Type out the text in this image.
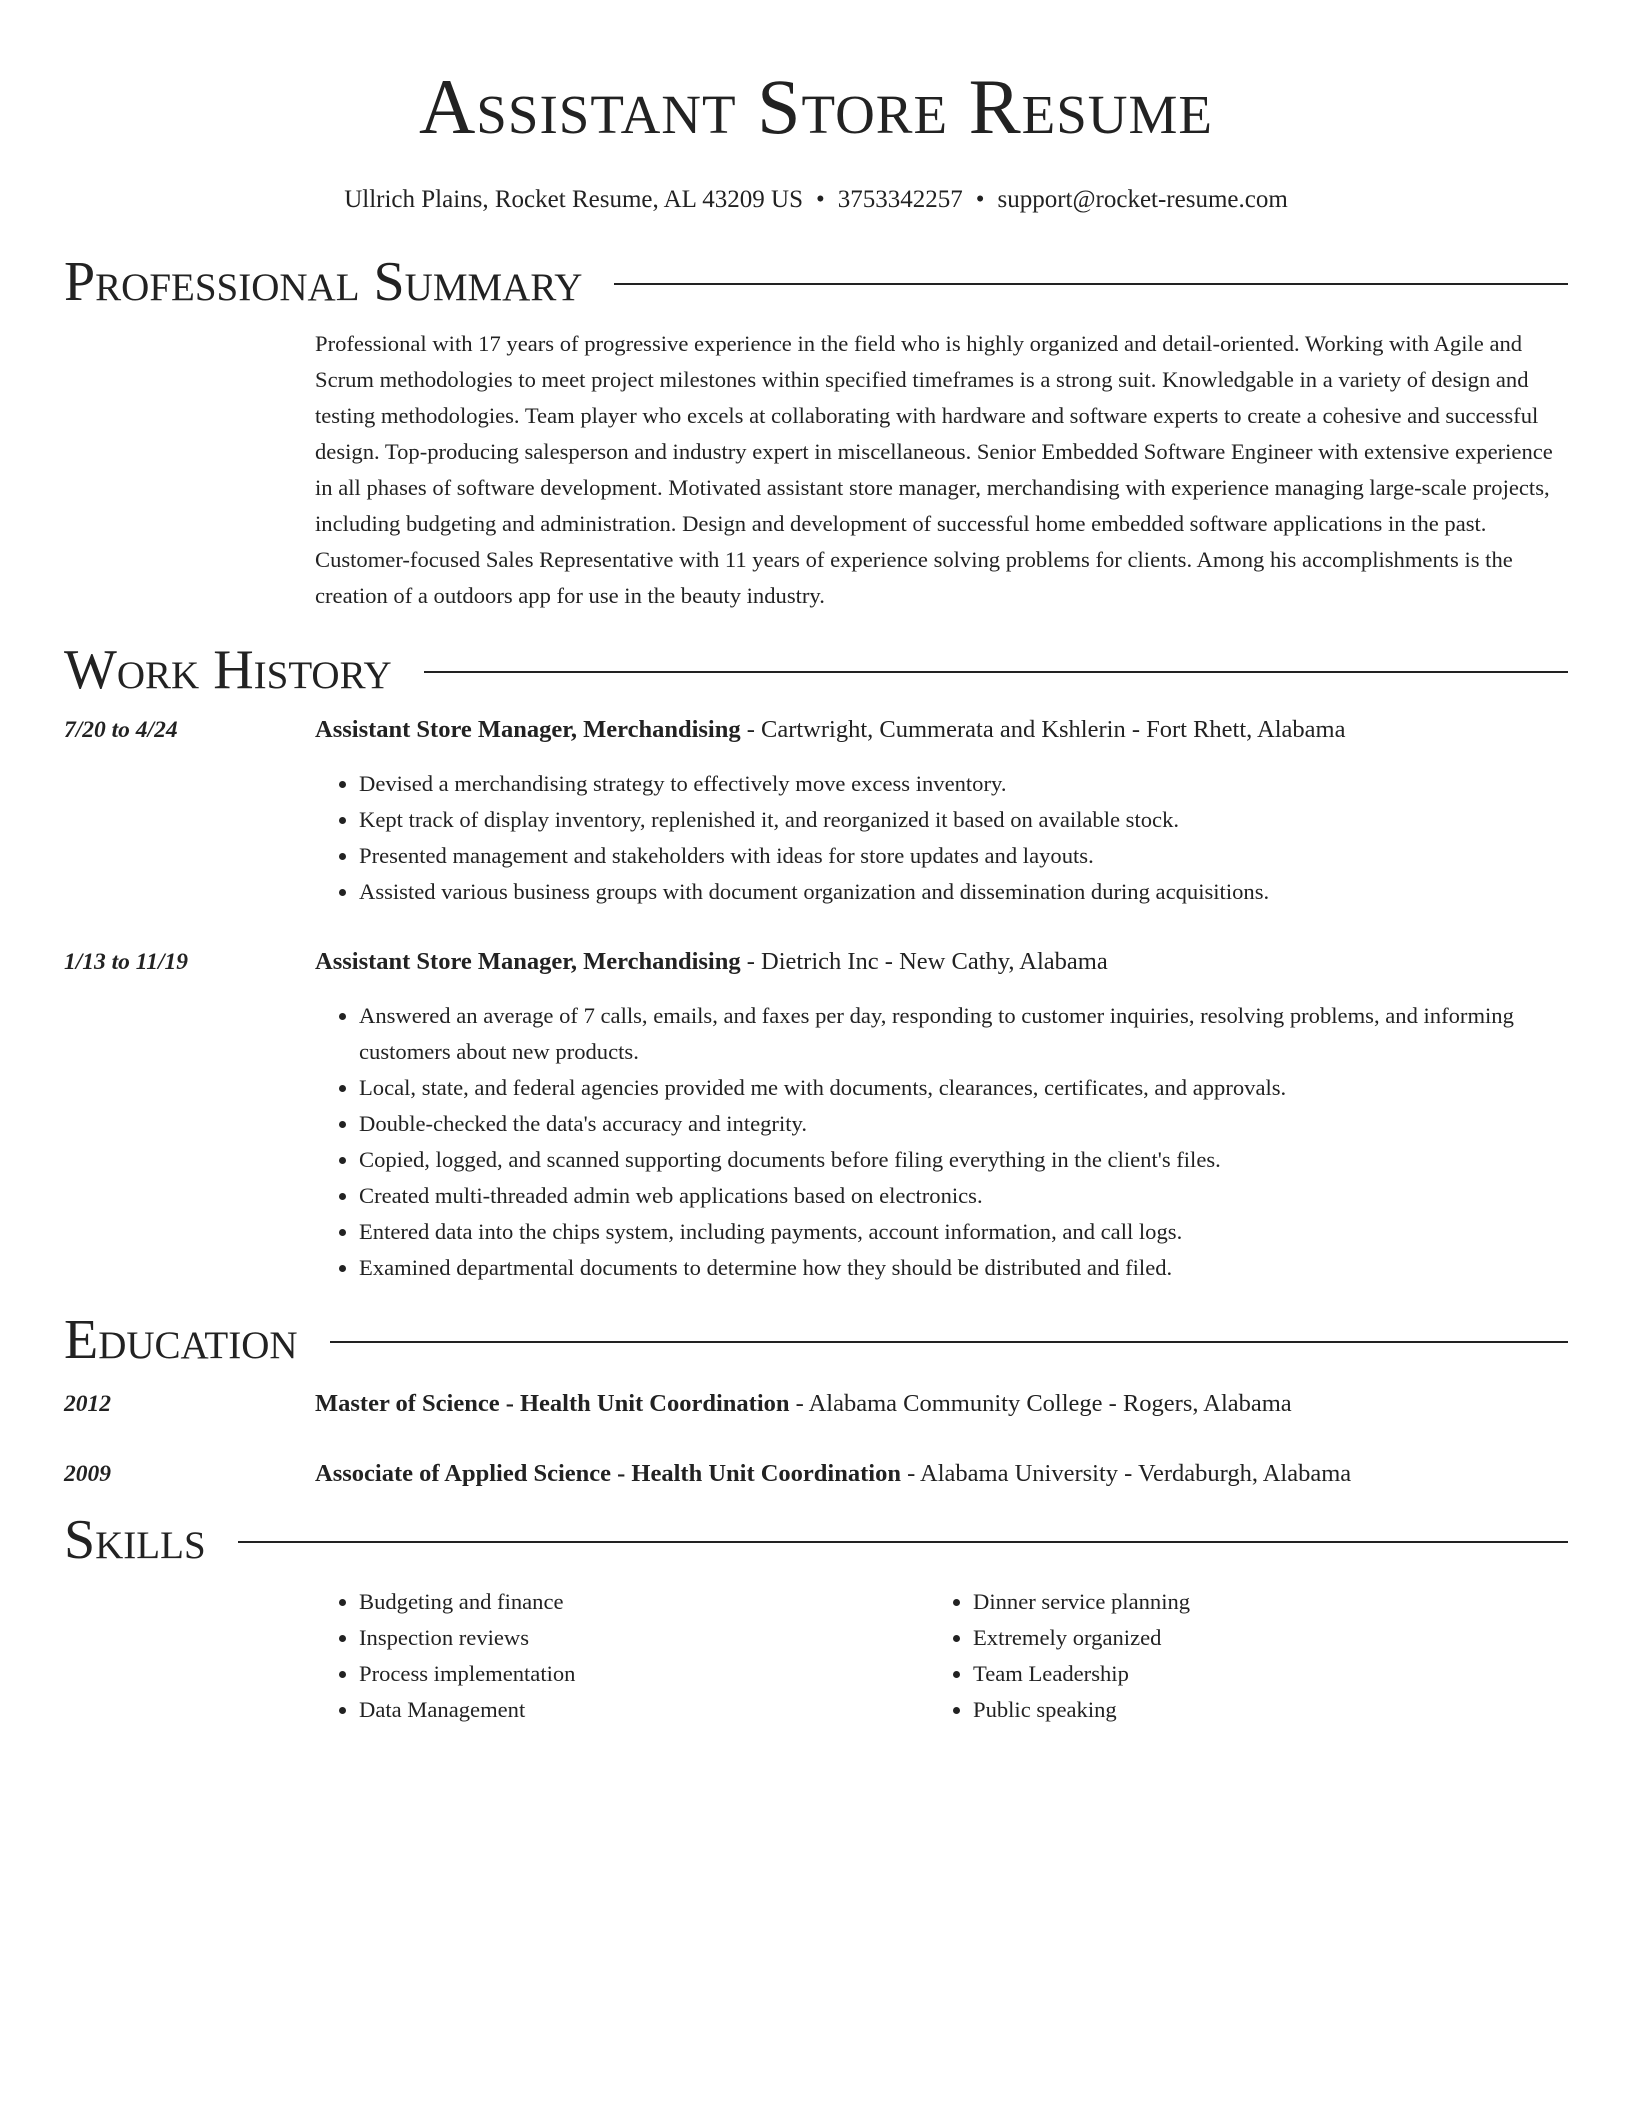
Assistant Store Resume
Ullrich Plains, Rocket Resume, AL 43209 US • 3753342257 • support@rocket-resume.com
Professional Summary

Professional with 17 years of progressive experience in the field who is highly organized and detail-oriented. Working with Agile and Scrum methodologies to meet project milestones within specified timeframes is a strong suit. Knowledgable in a variety of design and testing methodologies. Team player who excels at collaborating with hardware and software experts to create a cohesive and successful design. Top-producing salesperson and industry expert in miscellaneous. Senior Embedded Software Engineer with extensive experience in all phases of software development. Motivated assistant store manager, merchandising with experience managing large-scale projects, including budgeting and administration. Design and development of successful home embedded software applications in the past. Customer-focused Sales Representative with 11 years of experience solving problems for clients. Among his accomplishments is the creation of a outdoors app for use in the beauty industry.

Work History
7/20 to 4/24	Assistant Store Manager, Merchandising - Cartwright, Cummerata and Kshlerin - Fort Rhett, Alabama
• Devised a merchandising strategy to effectively move excess inventory.
• Kept track of display inventory, replenished it, and reorganized it based on available stock.
• Presented management and stakeholders with ideas for store updates and layouts.
• Assisted various business groups with document organization and dissemination during acquisitions.
1/13 to 11/19	Assistant Store Manager, Merchandising - Dietrich Inc - New Cathy, Alabama
• Answered an average of 7 calls, emails, and faxes per day, responding to customer inquiries, resolving problems, and informing customers about new products.
• Local, state, and federal agencies provided me with documents, clearances, certificates, and approvals.
• Double-checked the data's accuracy and integrity.
• Copied, logged, and scanned supporting documents before filing everything in the client's files.
• Created multi-threaded admin web applications based on electronics.
• Entered data into the chips system, including payments, account information, and call logs.
• Examined departmental documents to determine how they should be distributed and filed.
Education
2012	Master of Science - Health Unit Coordination - Alabama Community College - Rogers, Alabama
2009	Associate of Applied Science - Health Unit Coordination - Alabama University - Verdaburgh, Alabama
Skills
• Budgeting and finance
• Inspection reviews
• Process implementation
• Data Management
• Dinner service planning
• Extremely organized
• Team Leadership
• Public speaking
